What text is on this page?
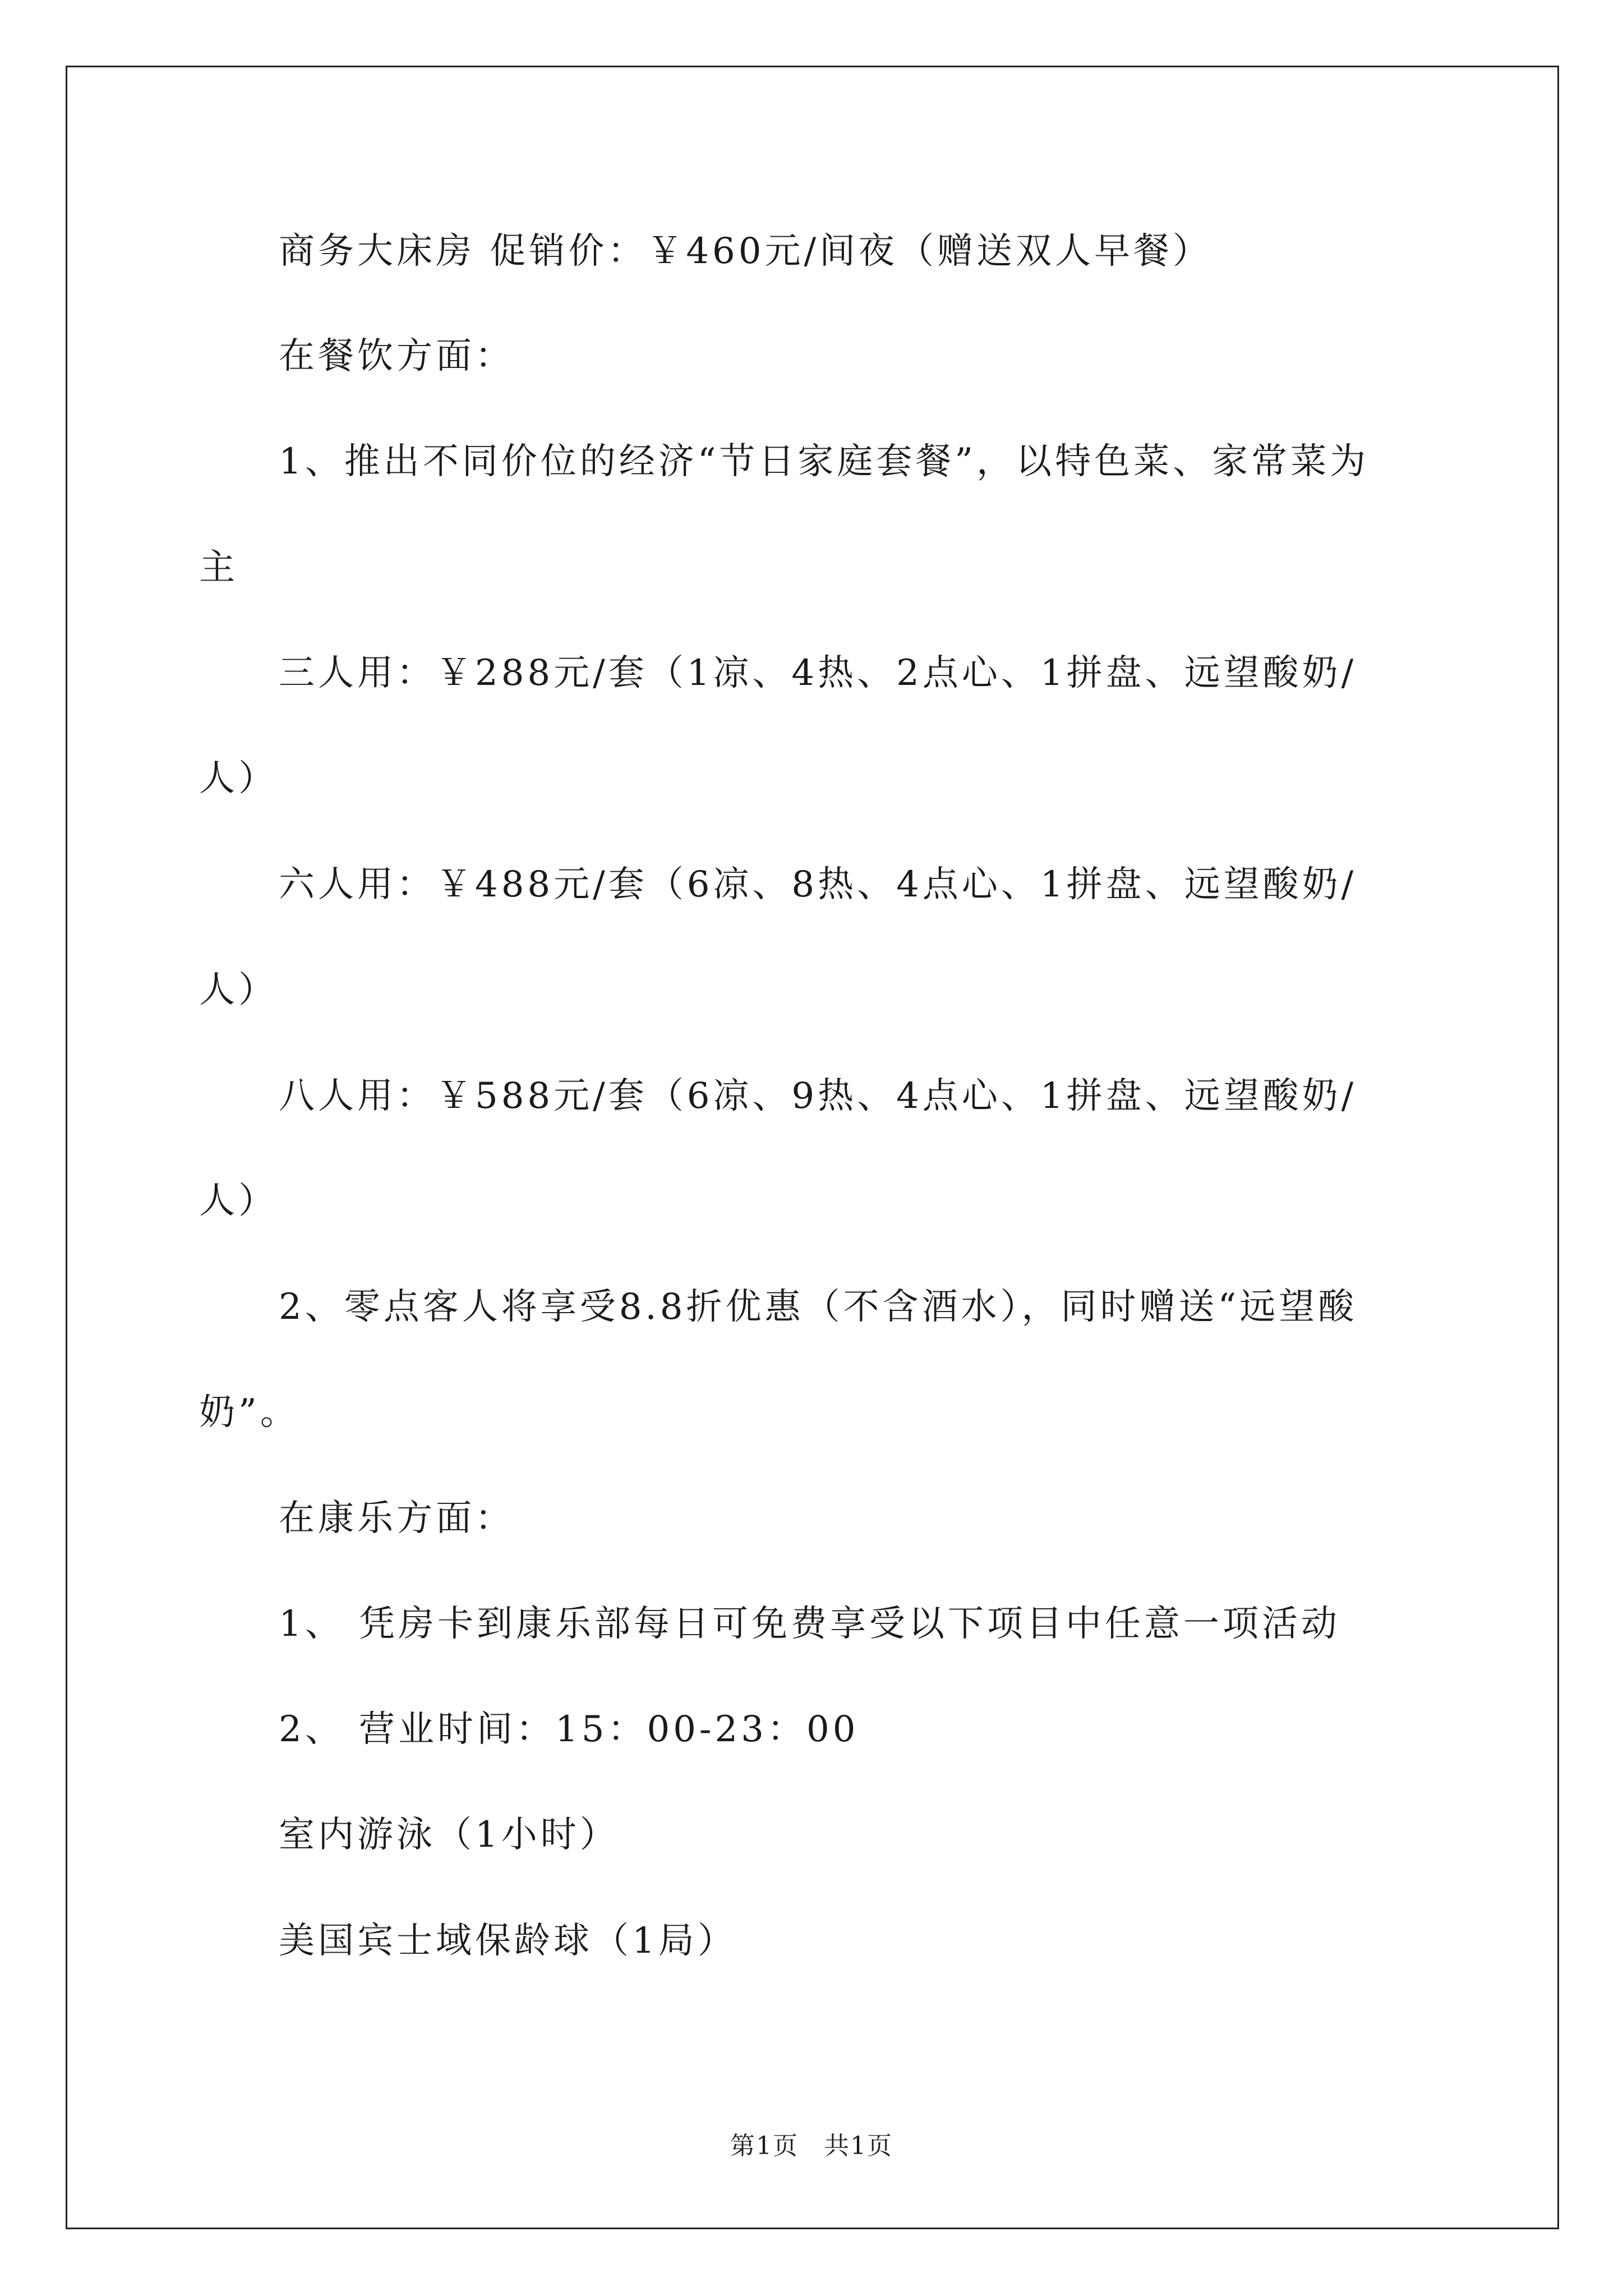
商务大床房 促销价：￥460元/间夜（赠送双人早餐）
在餐饮方面：
1、推出不同价位的经济“节日家庭套餐”，以特色菜、家常菜为
主
三人用：￥288元/套（1凉、4热、2点心、1拼盘、远望酸奶/
人）
六人用：￥488元/套（6凉、8热、4点心、1拼盘、远望酸奶/
人）
八人用：￥588元/套（6凉、9热、4点心、1拼盘、远望酸奶/
人）
2、零点客人将享受8.8折优惠（不含酒水），同时赠送“远望酸
奶”。
在康乐方面：
1、 凭房卡到康乐部每日可免费享受以下项目中任意一项活动
2、 营业时间：15：00-23：00
室内游泳（1小时）
美国宾士域保龄球（1局）
第1页　共1页
